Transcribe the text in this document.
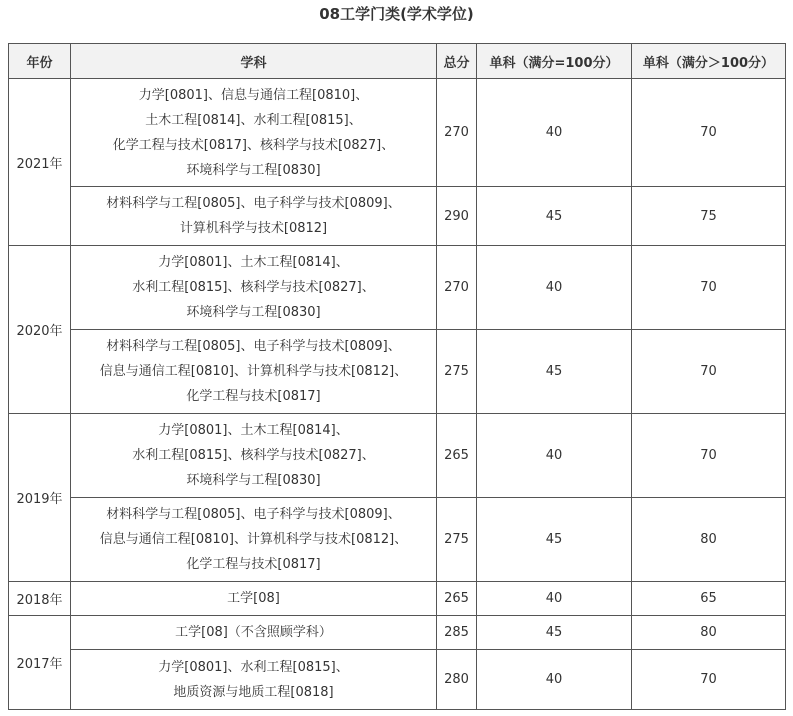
08工学门类(学术学位)
年份	学科	总分	单科（满分=100分）	单科（满分＞100分）
2021年	力学[0801]、信息与通信工程[0810]、
土木工程[0814]、水利工程[0815]、
化学工程与技术[0817]、核科学与技术[0827]、
环境科学与工程[0830]	270	40	70

	材料科学与工程[0805]、电子科学与技术[0809]、
计算机科学与技术[0812]	290	45	75
2020年	力学[0801]、土木工程[0814]、
水利工程[0815]、核科学与技术[0827]、
环境科学与工程[0830]	270	40	70

	材料科学与工程[0805]、电子科学与技术[0809]、
信息与通信工程[0810]、计算机科学与技术[0812]、
化学工程与技术[0817]	275	45	70
2019年	力学[0801]、土木工程[0814]、
水利工程[0815]、核科学与技术[0827]、
环境科学与工程[0830]	265	40	70

	材料科学与工程[0805]、电子科学与技术[0809]、
信息与通信工程[0810]、计算机科学与技术[0812]、
化学工程与技术[0817]	275	45	80
2018年	工学[08]	265	40	65
2017年	工学[08]（不含照顾学科）	285	45	80

	力学[0801]、水利工程[0815]、
地质资源与地质工程[0818]	280	40	70
